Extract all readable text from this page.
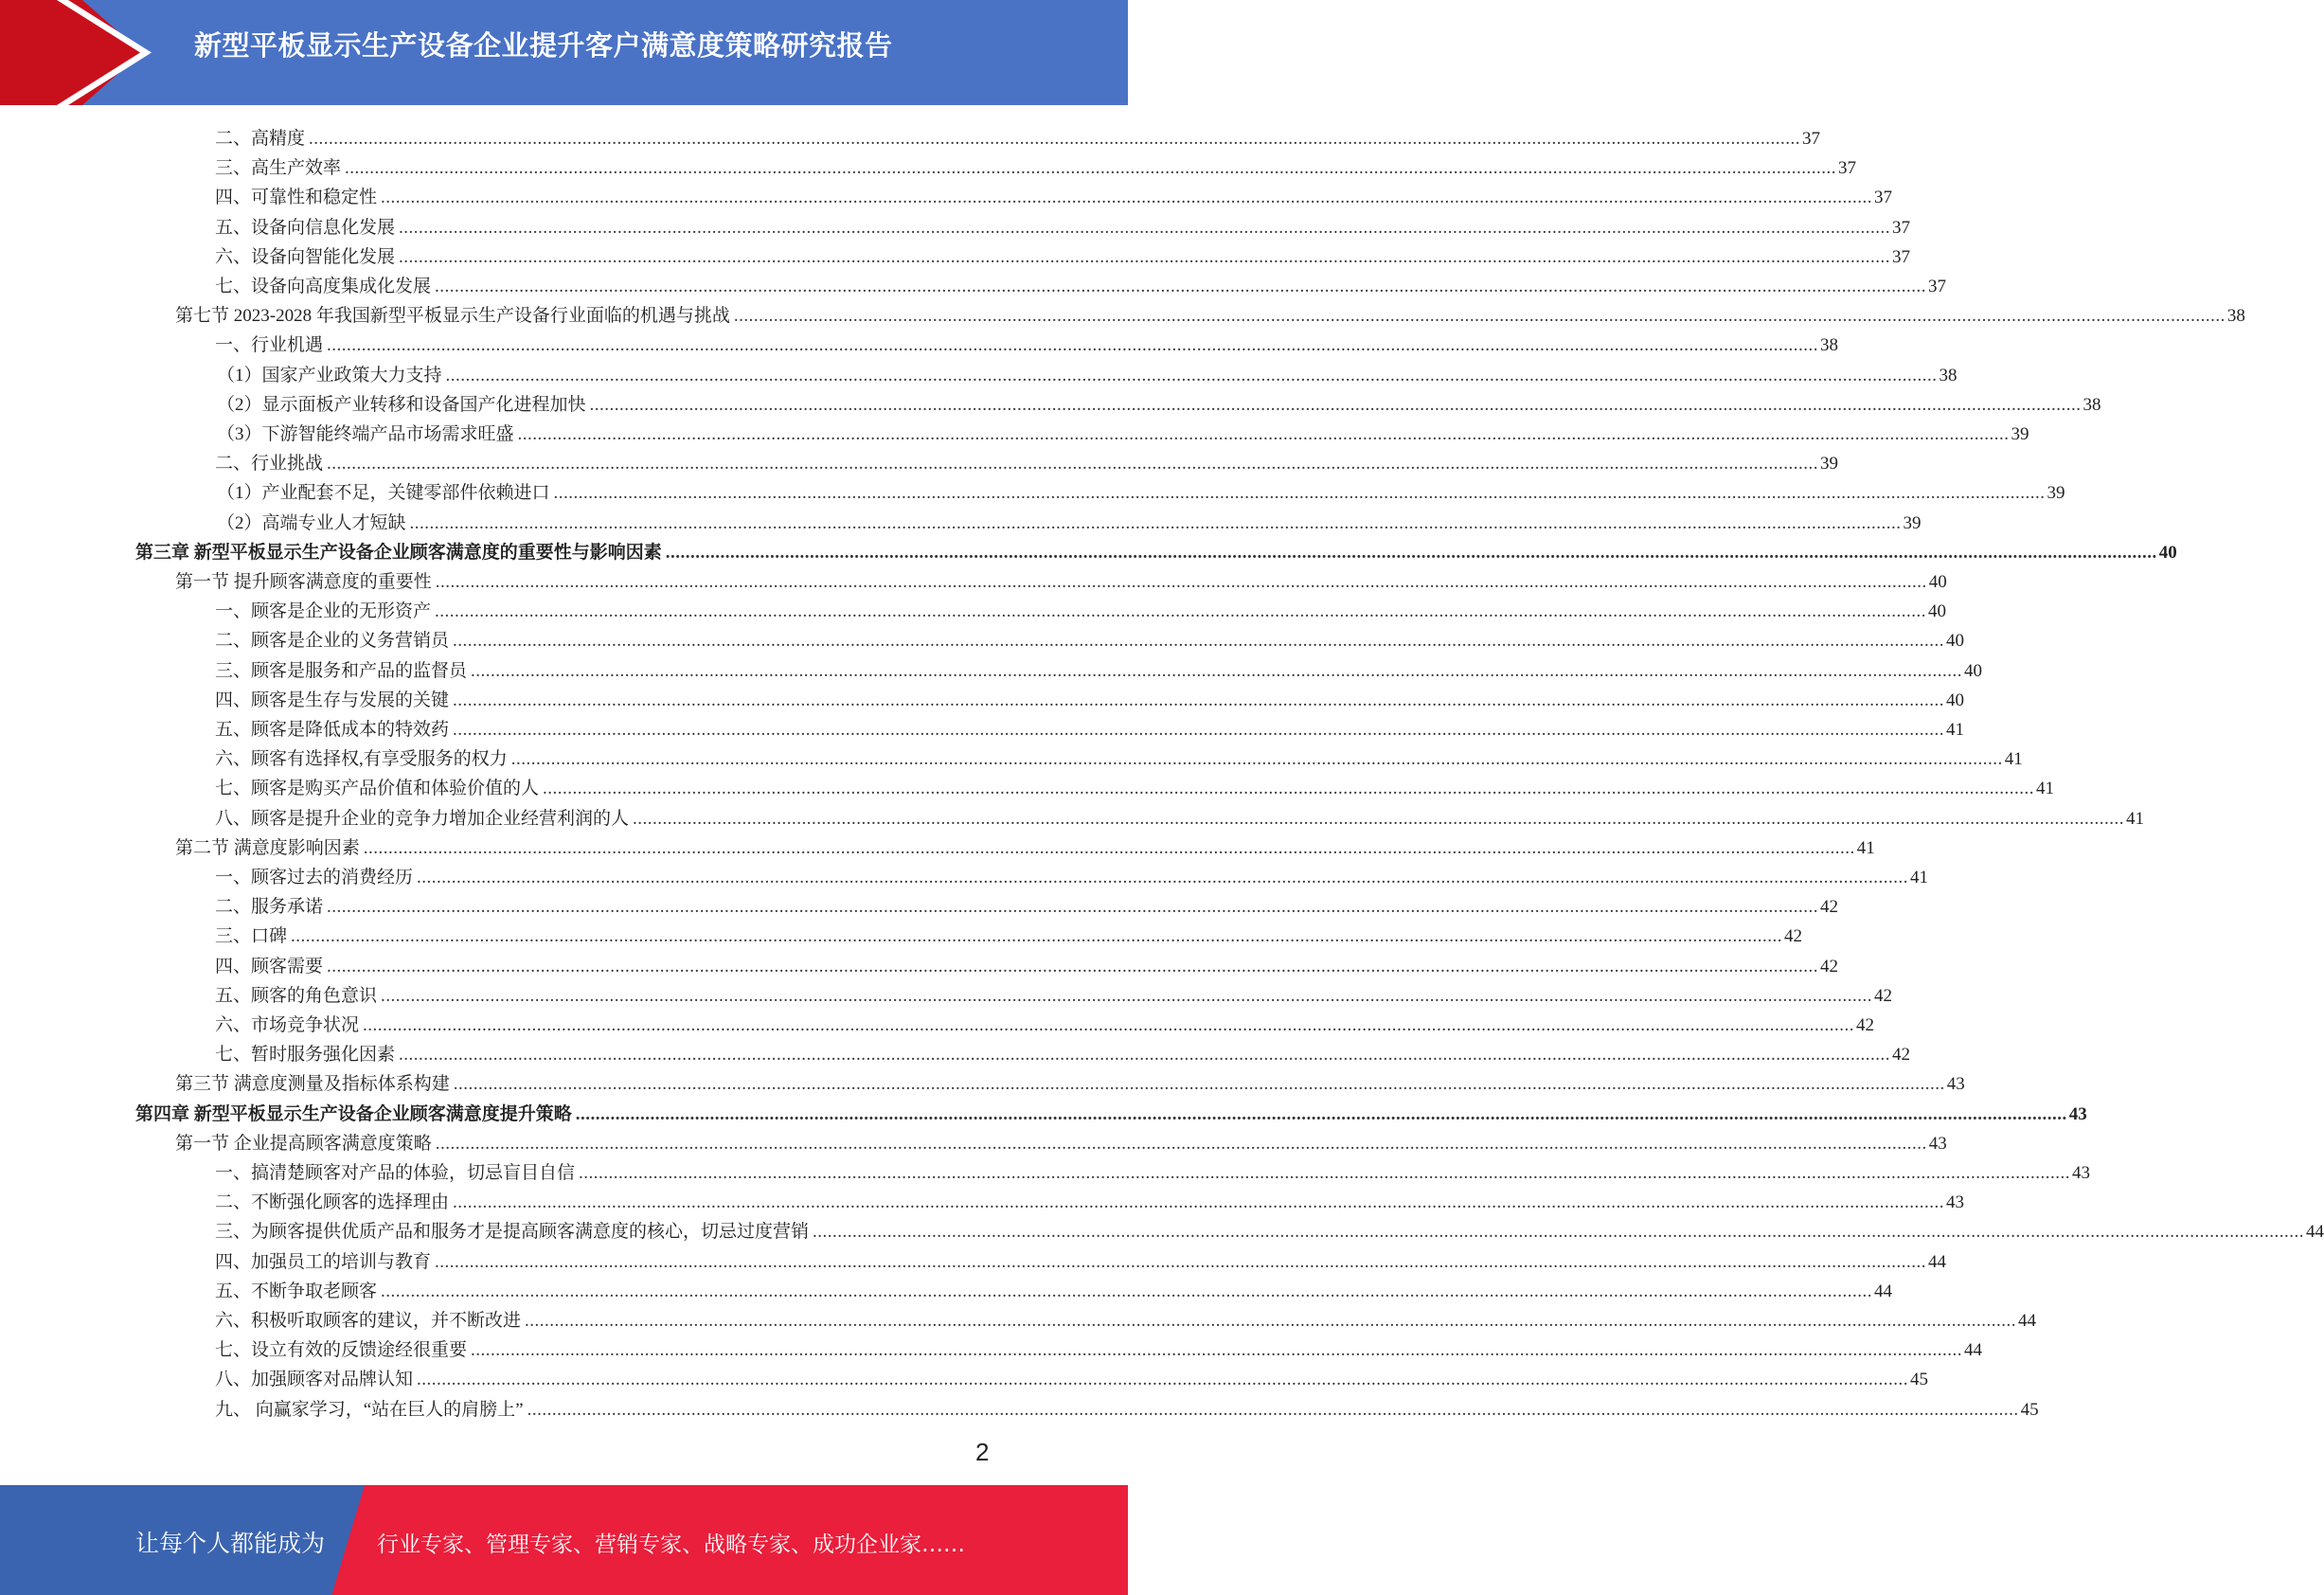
新型平板显示生产设备企业提升客户满意度策略研究报告
二、高精度 ............................................................................................................................................................................................................................................................................................................ 37
三、高生产效率 ............................................................................................................................................................................................................................................................................................................ 37
四、可靠性和稳定性 ............................................................................................................................................................................................................................................................................................................ 37
五、设备向信息化发展 ............................................................................................................................................................................................................................................................................................................ 37
六、设备向智能化发展 ............................................................................................................................................................................................................................................................................................................ 37
七、设备向高度集成化发展 ............................................................................................................................................................................................................................................................................................................ 37
第七节 2023-2028 年我国新型平板显示生产设备行业面临的机遇与挑战 ............................................................................................................................................................................................................................................................................................................ 38
一、行业机遇 ............................................................................................................................................................................................................................................................................................................ 38
（1）国家产业政策大力支持 ............................................................................................................................................................................................................................................................................................................ 38
（2）显示面板产业转移和设备国产化进程加快 ............................................................................................................................................................................................................................................................................................................ 38
（3）下游智能终端产品市场需求旺盛 ............................................................................................................................................................................................................................................................................................................ 39
二、行业挑战 ............................................................................................................................................................................................................................................................................................................ 39
（1）产业配套不足，关键零部件依赖进口 ............................................................................................................................................................................................................................................................................................................ 39
（2）高端专业人才短缺 ............................................................................................................................................................................................................................................................................................................ 39
第三章 新型平板显示生产设备企业顾客满意度的重要性与影响因素 ............................................................................................................................................................................................................................................................................................................ 40
第一节 提升顾客满意度的重要性 ............................................................................................................................................................................................................................................................................................................ 40
一、顾客是企业的无形资产 ............................................................................................................................................................................................................................................................................................................ 40
二、顾客是企业的义务营销员 ............................................................................................................................................................................................................................................................................................................ 40
三、顾客是服务和产品的监督员 ............................................................................................................................................................................................................................................................................................................ 40
四、顾客是生存与发展的关键 ............................................................................................................................................................................................................................................................................................................ 40
五、顾客是降低成本的特效药 ............................................................................................................................................................................................................................................................................................................ 41
六、顾客有选择权,有享受服务的权力 ............................................................................................................................................................................................................................................................................................................ 41
七、顾客是购买产品价值和体验价值的人 ............................................................................................................................................................................................................................................................................................................ 41
八、顾客是提升企业的竞争力增加企业经营利润的人 ............................................................................................................................................................................................................................................................................................................ 41
第二节 满意度影响因素 ............................................................................................................................................................................................................................................................................................................ 41
一、顾客过去的消费经历 ............................................................................................................................................................................................................................................................................................................ 41
二、服务承诺 ............................................................................................................................................................................................................................................................................................................ 42
三、口碑 ............................................................................................................................................................................................................................................................................................................ 42
四、顾客需要 ............................................................................................................................................................................................................................................................................................................ 42
五、顾客的角色意识 ............................................................................................................................................................................................................................................................................................................ 42
六、市场竞争状况 ............................................................................................................................................................................................................................................................................................................ 42
七、暂时服务强化因素 ............................................................................................................................................................................................................................................................................................................ 42
第三节 满意度测量及指标体系构建 ............................................................................................................................................................................................................................................................................................................ 43
第四章 新型平板显示生产设备企业顾客满意度提升策略 ............................................................................................................................................................................................................................................................................................................ 43
第一节 企业提高顾客满意度策略 ............................................................................................................................................................................................................................................................................................................ 43
一、搞清楚顾客对产品的体验，切忌盲目自信 ............................................................................................................................................................................................................................................................................................................ 43
二、不断强化顾客的选择理由 ............................................................................................................................................................................................................................................................................................................ 43
三、为顾客提供优质产品和服务才是提高顾客满意度的核心，切忌过度营销 ............................................................................................................................................................................................................................................................................................................ 44
四、加强员工的培训与教育 ............................................................................................................................................................................................................................................................................................................ 44
五、不断争取老顾客 ............................................................................................................................................................................................................................................................................................................ 44
六、积极听取顾客的建议，并不断改进 ............................................................................................................................................................................................................................................................................................................ 44
七、设立有效的反馈途经很重要 ............................................................................................................................................................................................................................................................................................................ 44
八、加强顾客对品牌认知 ............................................................................................................................................................................................................................................................................................................ 45
九、 向赢家学习，“站在巨人的肩膀上” ............................................................................................................................................................................................................................................................................................................ 45
2
让每个人都能成为 行业专家、管理专家、营销专家、战略专家、成功企业家……
